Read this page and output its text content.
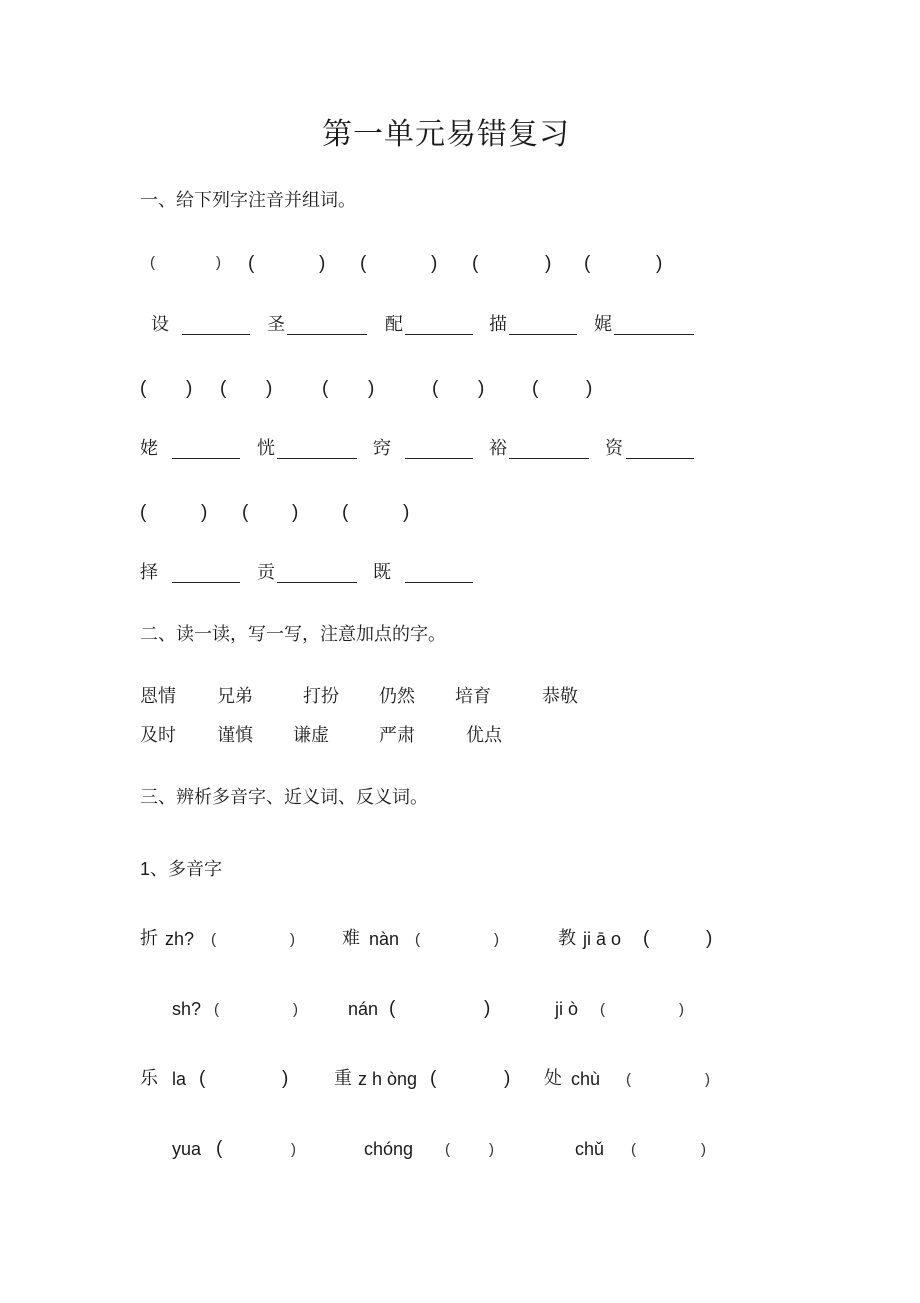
第一单元易错复习
一、给下列字注音并组词。
(	) (	) (	) (	) (	)
设	圣	配	描	娓
( ) ( )	( )	( )	(	)
姥	恍	窍	裕	资
(	) ( ) (	)
择	贡	既
二、读一读，写一写，注意加点的字。
恩情 兄弟	打扮 仍然 培育	恭敬
及时 谨慎 谦虚	严肃	优点
三、辨析多音字、近义词、反义词。
1、多音字
折 zh? (	)	难 nàn (	)	教 ji ā o (	)
sh? (	)	nán (	)	ji ò (	)
乐 la (	)	重 z h òng (	) 处 chù (	)
yua (	)	chóng (	)	chǔ (	)
